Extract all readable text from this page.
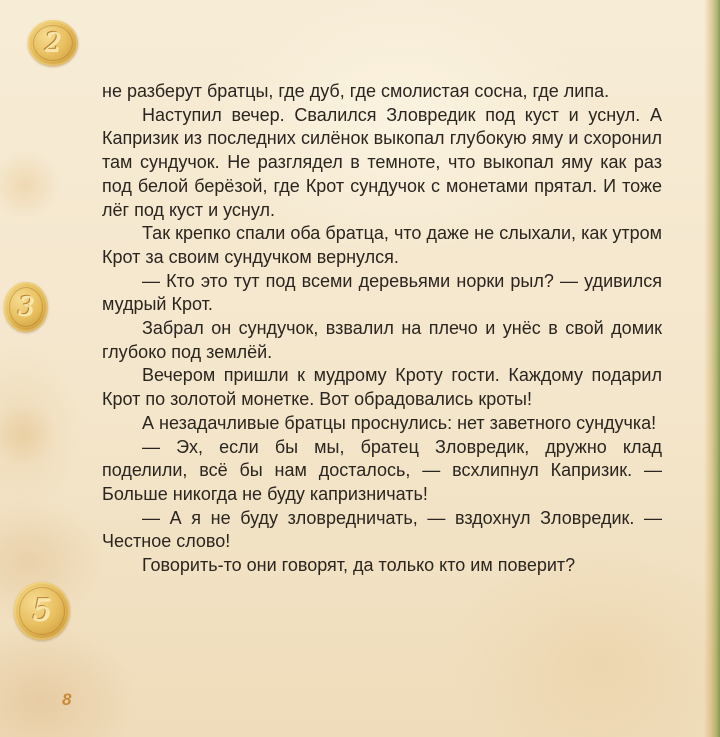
2
3
5

не разберут братцы, где дуб, где смолистая сосна, где липа.

Наступил вечер. Свалился Зловредик под куст и уснул. А Капризик из последних силёнок выкопал глубокую яму и схоронил там сундучок. Не разглядел в темноте, что выкопал яму как раз под белой берёзой, где Крот сундучок с монетами прятал. И тоже лёг под куст и уснул.

Так крепко спали оба братца, что даже не слыхали, как утром Крот за своим сундучком вернулся.

— Кто это тут под всеми деревьями норки рыл? — удивился мудрый Крот.

Забрал он сундучок, взвалил на плечо и унёс в свой домик глубоко под землёй.

Вечером пришли к мудрому Кроту гости. Каждому подарил Крот по золотой монетке. Вот обрадовались кроты!

А незадачливые братцы проснулись: нет заветного сундучка!

— Эх, если бы мы, братец Зловредик, дружно клад поделили, всё бы нам досталось, — всхлипнул Капризик. — Больше никогда не буду капризничать!

— А я не буду зловредничать, — вздохнул Зловредик. — Честное слово!

Говорить-то они говорят, да только кто им поверит?

8
